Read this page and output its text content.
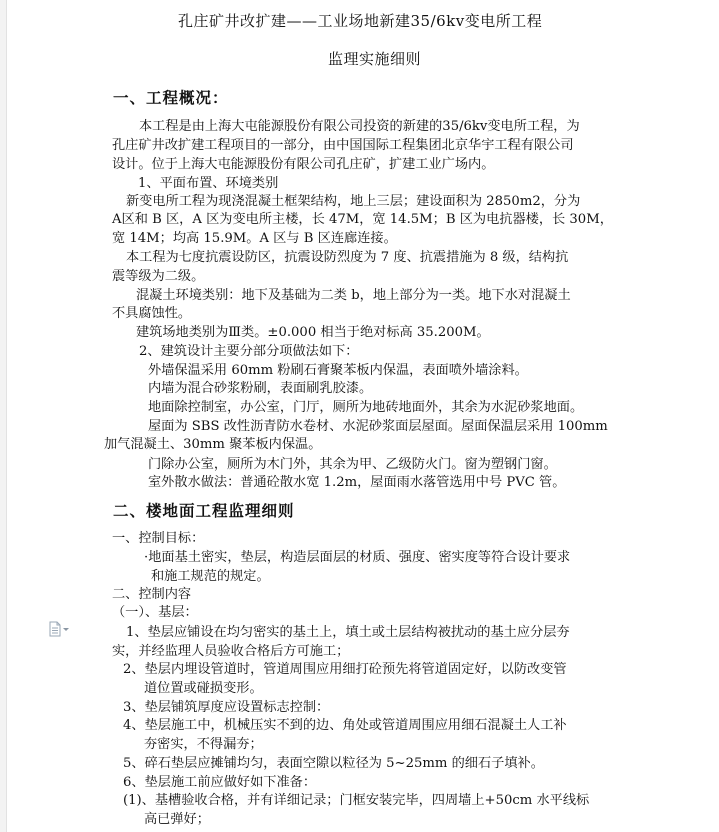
孔庄矿井改扩建——工业场地新建35/6kv变电所工程
监理实施细则
一、工程概况：
本工程是由上海大屯能源股份有限公司投资的新建的35/6kv变电所工程，为
孔庄矿井改扩建工程项目的一部分，由中国国际工程集团北京华宇工程有限公司
设计。位于上海大屯能源股份有限公司孔庄矿，扩建工业广场内。
1、平面布置、环境类别
新变电所工程为现浇混凝土框架结构，地上三层；建设面积为 2850m2，分为
A区和 B 区，A 区为变电所主楼，长 47M，宽 14.5M；B 区为电抗器楼，长 30M，
宽 14M；均高 15.9M。A 区与 B 区连廊连接。
本工程为七度抗震设防区，抗震设防烈度为 7 度、抗震措施为 8 级，结构抗
震等级为二级。
混凝土环境类别：地下及基础为二类 b，地上部分为一类。地下水对混凝土
不具腐蚀性。
建筑场地类别为Ⅲ类。±0.000 相当于绝对标高 35.200M。
2、建筑设计主要分部分项做法如下：
外墙保温采用 60mm 粉刷石膏聚苯板内保温，表面喷外墙涂料。
内墙为混合砂浆粉刷，表面刷乳胶漆。
地面除控制室，办公室，门厅，厕所为地砖地面外，其余为水泥砂浆地面。
屋面为 SBS 改性沥青防水卷材、水泥砂浆面层屋面。屋面保温层采用 100mm
加气混凝土、30mm 聚苯板内保温。
门除办公室，厕所为木门外，其余为甲、乙级防火门。窗为塑钢门窗。
室外散水做法：普通砼散水宽 1.2m，屋面雨水落管选用中号 PVC 管。
二、楼地面工程监理细则
一、控制目标：
·地面基土密实，垫层，构造层面层的材质、强度、密实度等符合设计要求
和施工规范的规定。
二、控制内容
（一）、基层：
1、垫层应铺设在均匀密实的基土上，填土或土层结构被扰动的基土应分层夯
实，并经监理人员验收合格后方可施工；
2、垫层内埋设管道时，管道周围应用细打砼预先将管道固定好，以防改变管
道位置或碰损变形。
3、垫层铺筑厚度应设置标志控制：
4、垫层施工中，机械压实不到的边、角处或管道周围应用细石混凝土人工补
夯密实，不得漏夯；
5、碎石垫层应摊铺均匀，表面空隙以粒径为 5~25mm 的细石子填补。
6、垫层施工前应做好如下准备：
(1)、基槽验收合格，并有详细记录；门框安装完毕，四周墙上+50cm 水平线标
高已弹好；
